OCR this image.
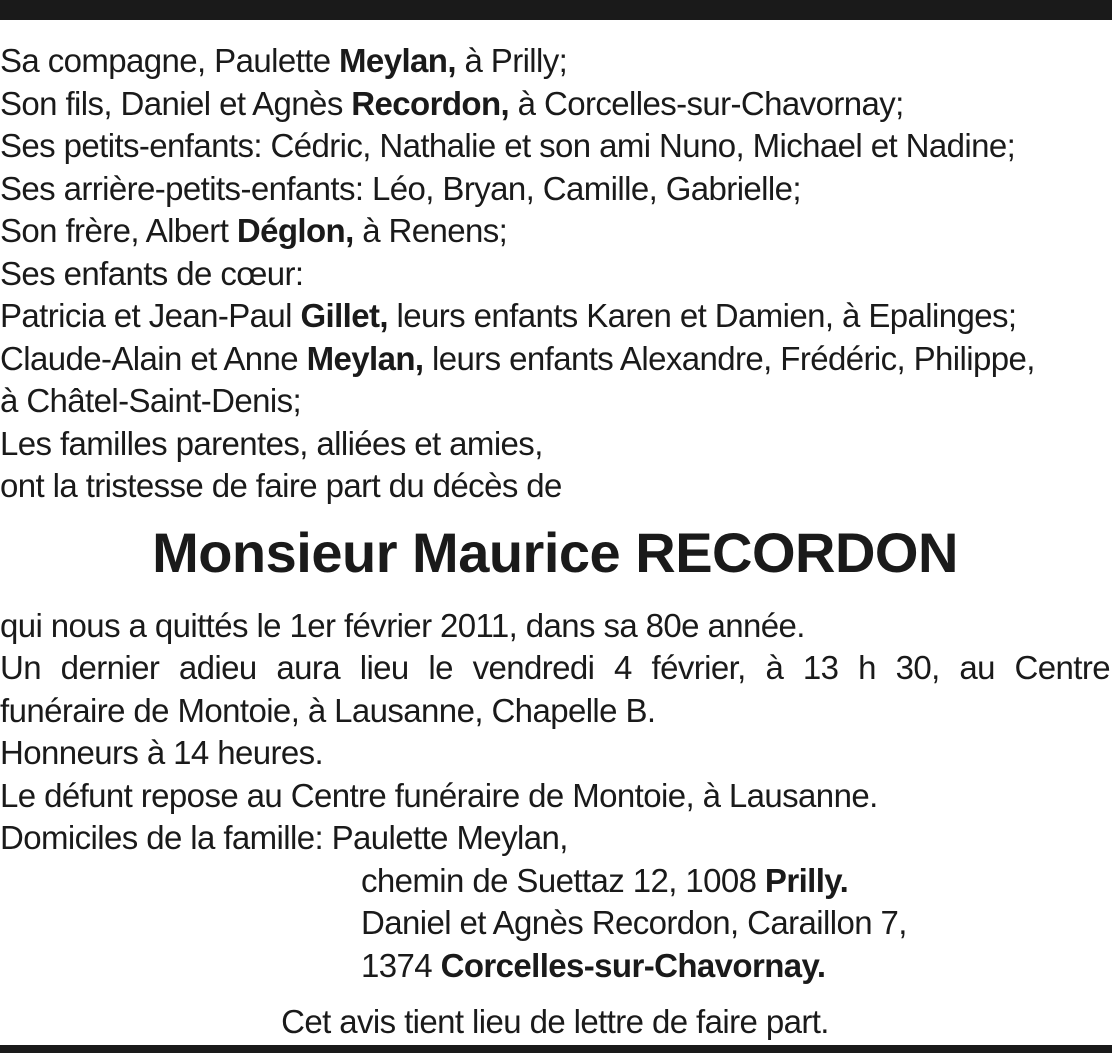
Sa compagne, Paulette Meylan, à Prilly;
Son fils, Daniel et Agnès Recordon, à Corcelles-sur-Chavornay;
Ses petits-enfants: Cédric, Nathalie et son ami Nuno, Michael et Nadine;
Ses arrière-petits-enfants: Léo, Bryan, Camille, Gabrielle;
Son frère, Albert Déglon, à Renens;
Ses enfants de cœur:
Patricia et Jean-Paul Gillet, leurs enfants Karen et Damien, à Epalinges;
Claude-Alain et Anne Meylan, leurs enfants Alexandre, Frédéric, Philippe,
à Châtel-Saint-Denis;
Les familles parentes, alliées et amies,
ont la tristesse de faire part du décès de
Monsieur Maurice RECORDON
qui nous a quittés le 1er février 2011, dans sa 80e année.
Un dernier adieu aura lieu le vendredi 4 février, à 13 h 30, au Centre
funéraire de Montoie, à Lausanne, Chapelle B.
Honneurs à 14 heures.
Le défunt repose au Centre funéraire de Montoie, à Lausanne.
Domiciles de la famille: Paulette Meylan,
chemin de Suettaz 12, 1008 Prilly.
Daniel et Agnès Recordon, Caraillon 7,
1374 Corcelles-sur-Chavornay.
Cet avis tient lieu de lettre de faire part.
